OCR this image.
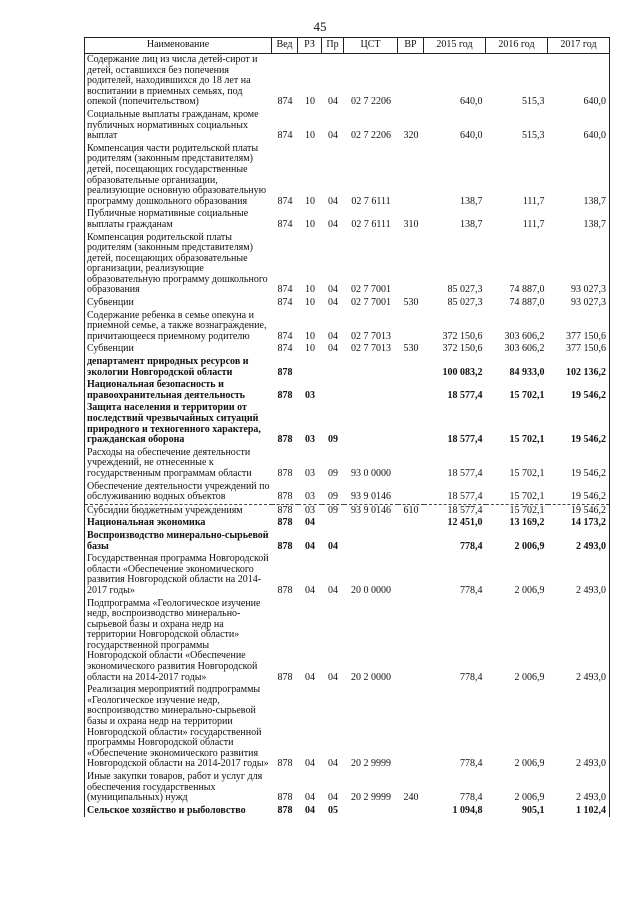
45
Наименование	Вед	РЗ	Пр	ЦСТ	ВР	2015 год	2016 год	2017 год
Содержание лиц из числа детей-сирот и детей, оставшихся без попечения родителей, находившихся до 18 лет на воспитании в приемных семьях, под опекой (попечительством)	874	10	04	02 7 2206		640,0	515,3	640,0
Социальные выплаты гражданам, кроме публичных нормативных социальных выплат	874	10	04	02 7 2206	320	640,0	515,3	640,0
Компенсация части родительской платы родителям (законным представителям) детей, посещающих государственные образовательные организации, реализующие основную образовательную программу дошкольного образования	874	10	04	02 7 6111		138,7	111,7	138,7
Публичные нормативные социальные выплаты гражданам	874	10	04	02 7 6111	310	138,7	111,7	138,7
Компенсация родительской платы родителям (законным представителям) детей, посещающих образовательные организации, реализующие образовательную программу дошкольного образования	874	10	04	02 7 7001		85 027,3	74 887,0	93 027,3
Субвенции	874	10	04	02 7 7001	530	85 027,3	74 887,0	93 027,3
Содержание ребенка в семье опекуна и приемной семье, а также вознаграждение, причитающееся приемному родителю	874	10	04	02 7 7013		372 150,6	303 606,2	377 150,6
Субвенции	874	10	04	02 7 7013	530	372 150,6	303 606,2	377 150,6
департамент природных ресурсов и экологии Новгородской области	878					100 083,2	84 933,0	102 136,2
Национальная безопасность и правоохранительная деятельность	878	03				18 577,4	15 702,1	19 546,2
Защита населения и территории от последствий чрезвычайных ситуаций природного и техногенного характера, гражданская оборона	878	03	09			18 577,4	15 702,1	19 546,2
Расходы на обеспечение деятельности учреждений, не отнесенные к государственным программам области	878	03	09	93 0 0000		18 577,4	15 702,1	19 546,2
Обеспечение деятельности учреждений по обслуживанию водных объектов	878	03	09	93 9 0146		18 577,4	15 702,1	19 546,2
Субсидии бюджетным учреждениям	878	03	09	93 9 0146	610	18 577,4	15 702,1	19 546,2
Национальная экономика	878	04				12 451,0	13 169,2	14 173,2
Воспроизводство минерально-сырьевой базы	878	04	04			778,4	2 006,9	2 493,0
Государственная программа Новгородской области «Обеспечение экономического развития Новгородской области на 2014-2017 годы»	878	04	04	20 0 0000		778,4	2 006,9	2 493,0
Подпрограмма «Геологическое изучение недр, воспроизводство минерально-сырьевой базы и охрана недр на территории Новгородской области» государственной программы Новгородской области «Обеспечение экономического развития Новгородской области на 2014-2017 годы»	878	04	04	20 2 0000		778,4	2 006,9	2 493,0
Реализация мероприятий подпрограммы «Геологическое изучение недр, воспроизводство минерально-сырьевой базы и охрана недр на территории Новгородской области» государственной программы Новгородской области «Обеспечение экономического развития Новгородской области на 2014-2017 годы»	878	04	04	20 2 9999		778,4	2 006,9	2 493,0
Иные закупки товаров, работ и услуг для обеспечения государственных (муниципальных) нужд	878	04	04	20 2 9999	240	778,4	2 006,9	2 493,0
Сельское хозяйство и рыболовство	878	04	05			1 094,8	905,1	1 102,4
